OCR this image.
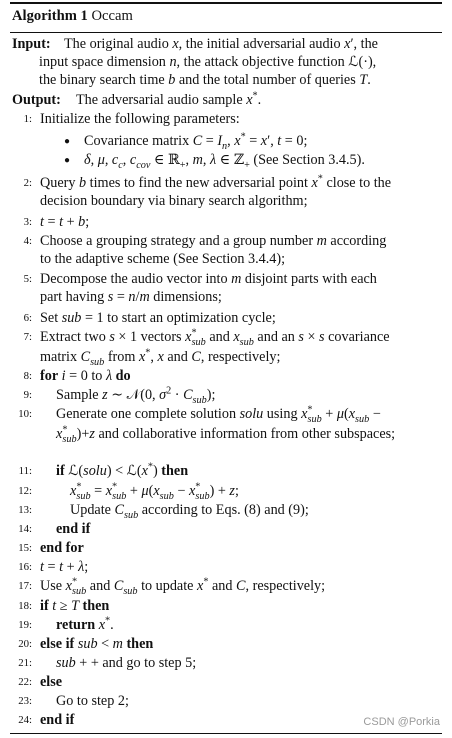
Algorithm 1 Occam
Input: The original audio x, the initial adversarial audio x′, the
input space dimension n, the attack objective function ℒ(·),
the binary search time b and the total number of queries T.
Output: The adversarial audio sample x*.
1: Initialize the following parameters:
● Covariance matrix $C = I_n$, x* = x′, t = 0;
● δ, μ, $c_c$, $c_{cov}$ ∈ ℝ$_+$, m, λ ∈ ℤ$_+$ (See Section 3.4.5).
2: Query b times to find the new adversarial point x* close to the
decision boundary via binary search algorithm;
3: t = t + b;
4: Choose a grouping strategy and a group number m according
to the adaptive scheme (See Section 3.4.4);
5: Decompose the audio vector into m disjoint parts with each
part having s = n/m dimensions;
6: Set sub = 1 to start an optimization cycle;
7: Extract two s × 1 vectors $x^*_{sub}$ and $x_{sub}$ and an s × s covariance
matrix $C_{sub}$ from x*, x and C, respectively;
8: for i = 0 to λ do
9: Sample z ∼ 𝒩(0, $\sigma^2 \cdot C_{sub}$);
10: Generate one complete solution solu using $x^*_{sub} + \mu(x_{sub}$ −
$x^*_{sub})+z$ and collaborative information from other subspaces;
11: if ℒ(solu) < ℒ(x*) then
12:	$x^*_{sub} = x^*_{sub} + \mu(x_{sub} - x^*_{sub}) + z$;
13:	Update $C_{sub}$ according to Eqs. (8) and (9);
14: end if
15: end for
16: t = t + λ;
17: Use $x^*_{sub}$ and $C_{sub}$ to update x* and C, respectively;
18: if t ≥ T then
19: return x*.
20: else if sub < m then
21: sub + + and go to step 5;
22: else
23: Go to step 2;
24: end if	CSDN @Porkia
